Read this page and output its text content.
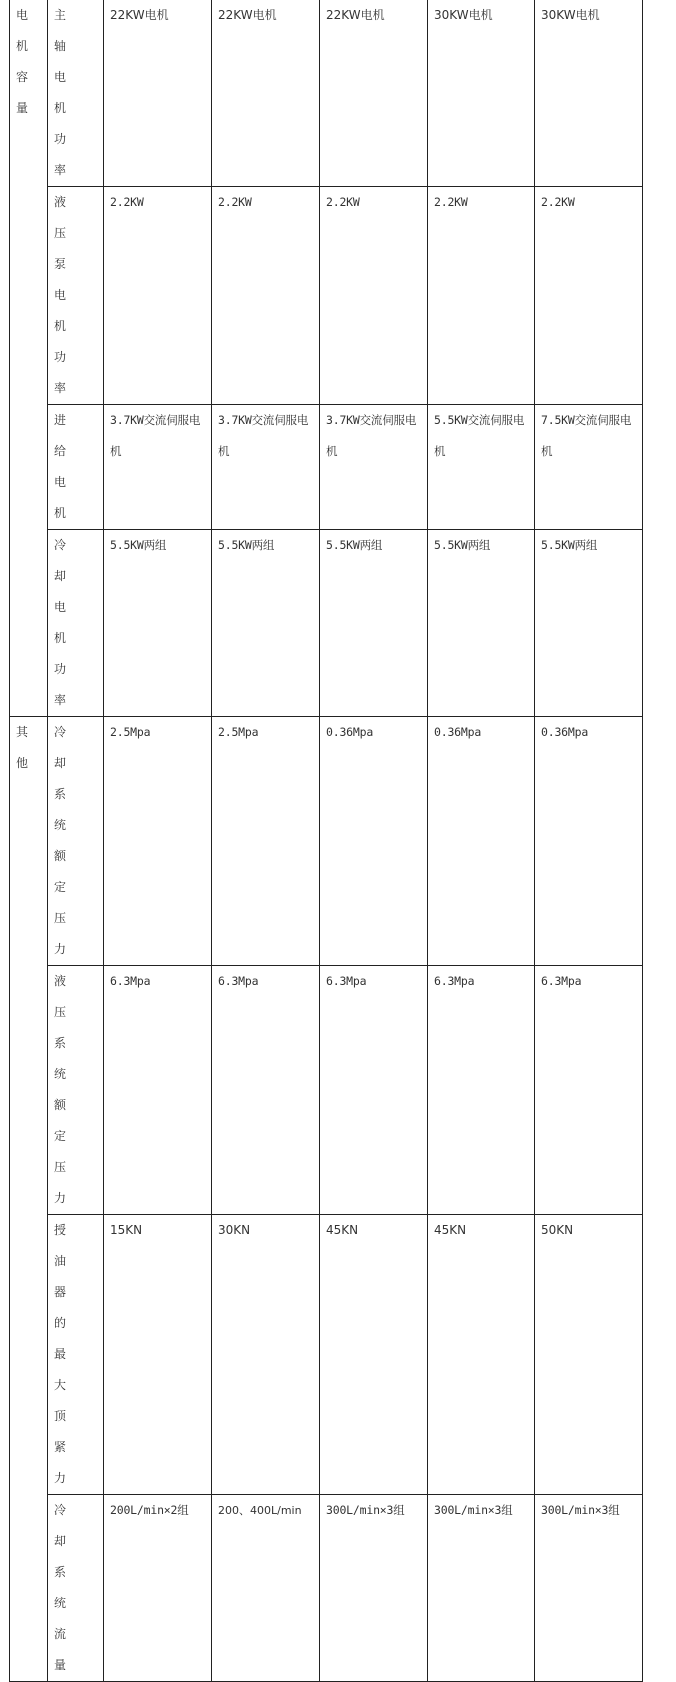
电机容量	主轴电机功率	22KW电机	22KW电机	22KW电机	30KW电机	30KW电机

	液压泵电机功率	2.2KW	2.2KW	2.2KW	2.2KW	2.2KW

	进给电机	3.7KW交流伺服电机	3.7KW交流伺服电机	3.7KW交流伺服电机	5.5KW交流伺服电机	7.5KW交流伺服电机

	冷却电机功率	5.5KW两组	5.5KW两组	5.5KW两组	5.5KW两组	5.5KW两组

其他	冷却系统额定压力	2.5Mpa	2.5Mpa	0.36Mpa	0.36Mpa	0.36Mpa

	液压系统额定压力	6.3Mpa	6.3Mpa	6.3Mpa	6.3Mpa	6.3Mpa

	授油器的最大顶紧力	15KN	30KN	45KN	45KN	50KN

	冷却系统流量	200L/min×2组	200、400L/min	300L/min×3组	300L/min×3组	300L/min×3组
